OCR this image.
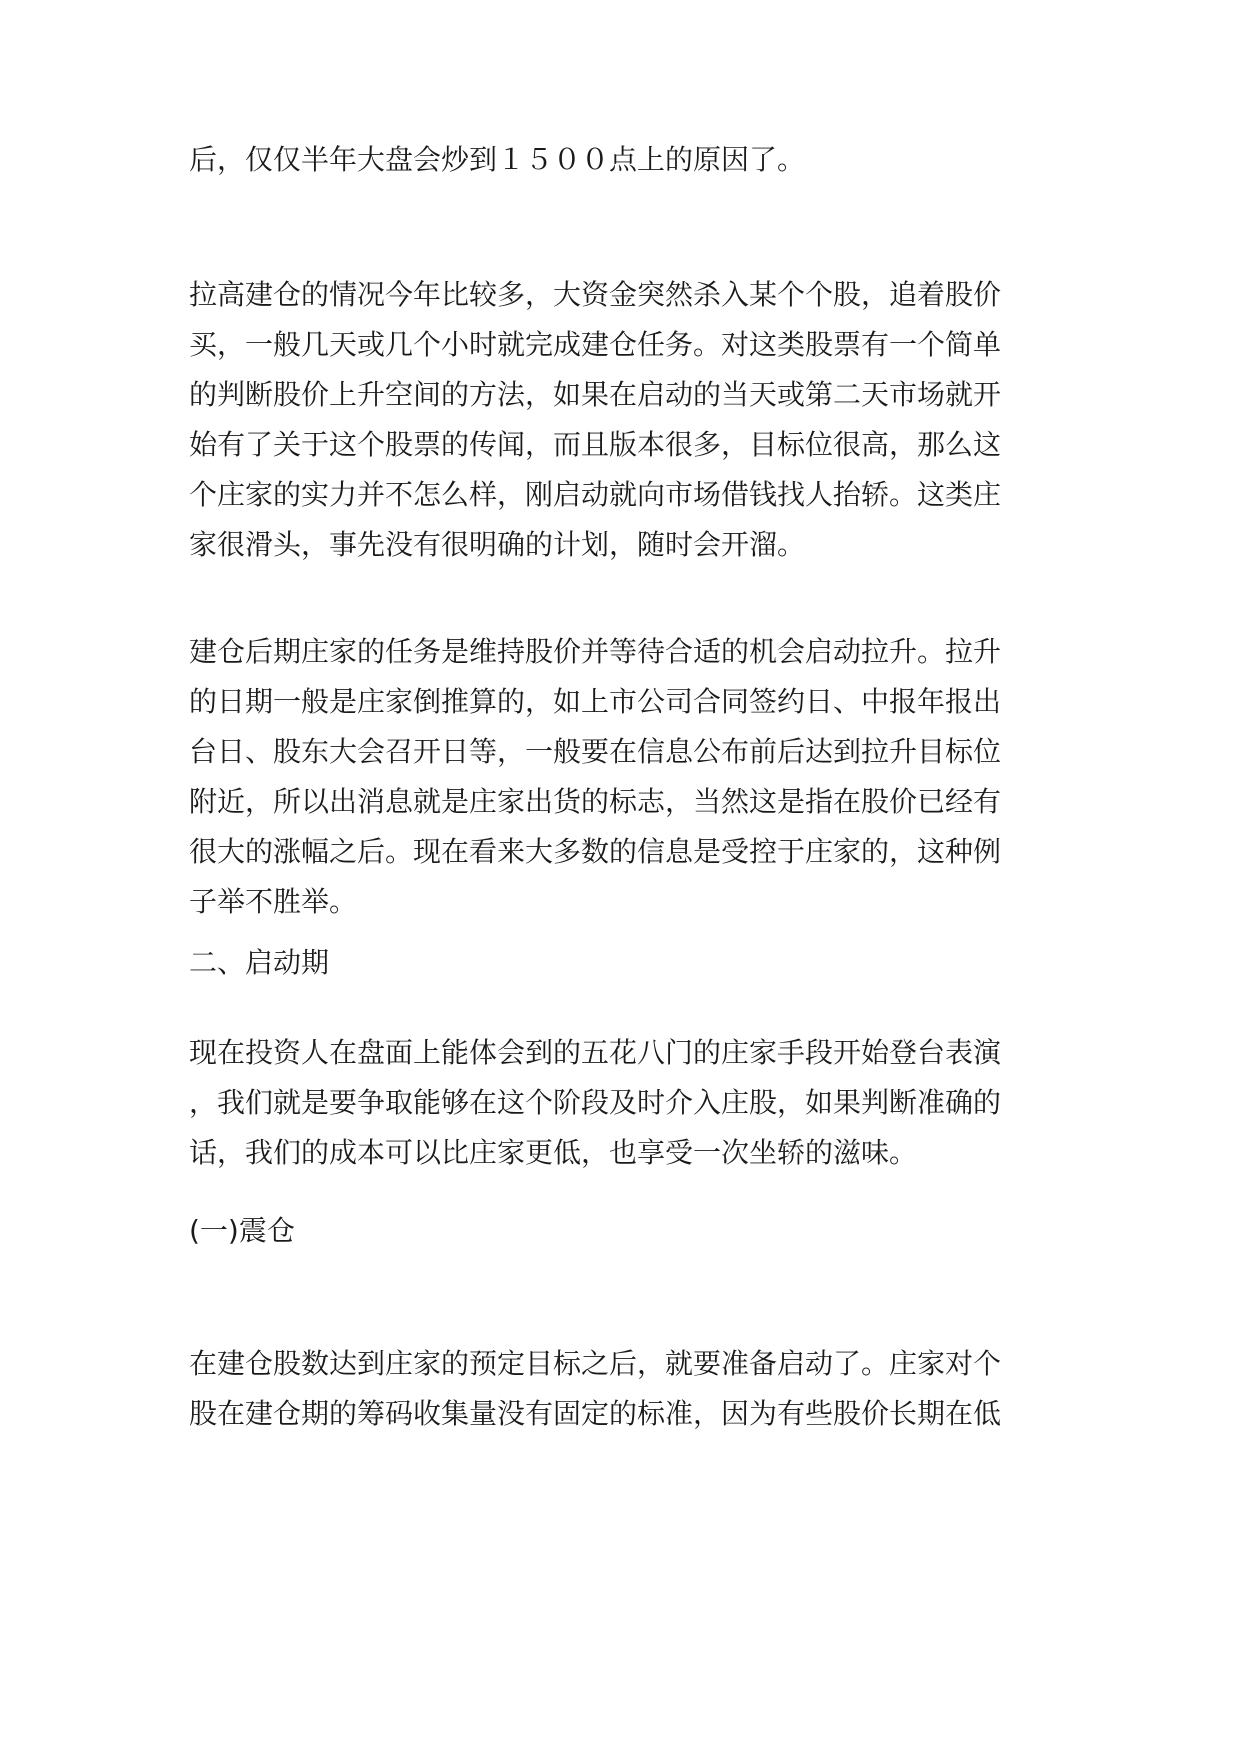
后，仅仅半年大盘会炒到１５００点上的原因了。
拉高建仓的情况今年比较多，大资金突然杀入某个个股，追着股价
买，一般几天或几个小时就完成建仓任务。对这类股票有一个简单
的判断股价上升空间的方法，如果在启动的当天或第二天市场就开
始有了关于这个股票的传闻，而且版本很多，目标位很高，那么这
个庄家的实力并不怎么样，刚启动就向市场借钱找人抬轿。这类庄
家很滑头，事先没有很明确的计划，随时会开溜。
建仓后期庄家的任务是维持股价并等待合适的机会启动拉升。拉升
的日期一般是庄家倒推算的，如上市公司合同签约日、中报年报出
台日、股东大会召开日等，一般要在信息公布前后达到拉升目标位
附近，所以出消息就是庄家出货的标志，当然这是指在股价已经有
很大的涨幅之后。现在看来大多数的信息是受控于庄家的，这种例
子举不胜举。
二、启动期
现在投资人在盘面上能体会到的五花八门的庄家手段开始登台表演
，我们就是要争取能够在这个阶段及时介入庄股，如果判断准确的
话，我们的成本可以比庄家更低，也享受一次坐轿的滋味。
(一)震仓
在建仓股数达到庄家的预定目标之后，就要准备启动了。庄家对个
股在建仓期的筹码收集量没有固定的标准，因为有些股价长期在低
